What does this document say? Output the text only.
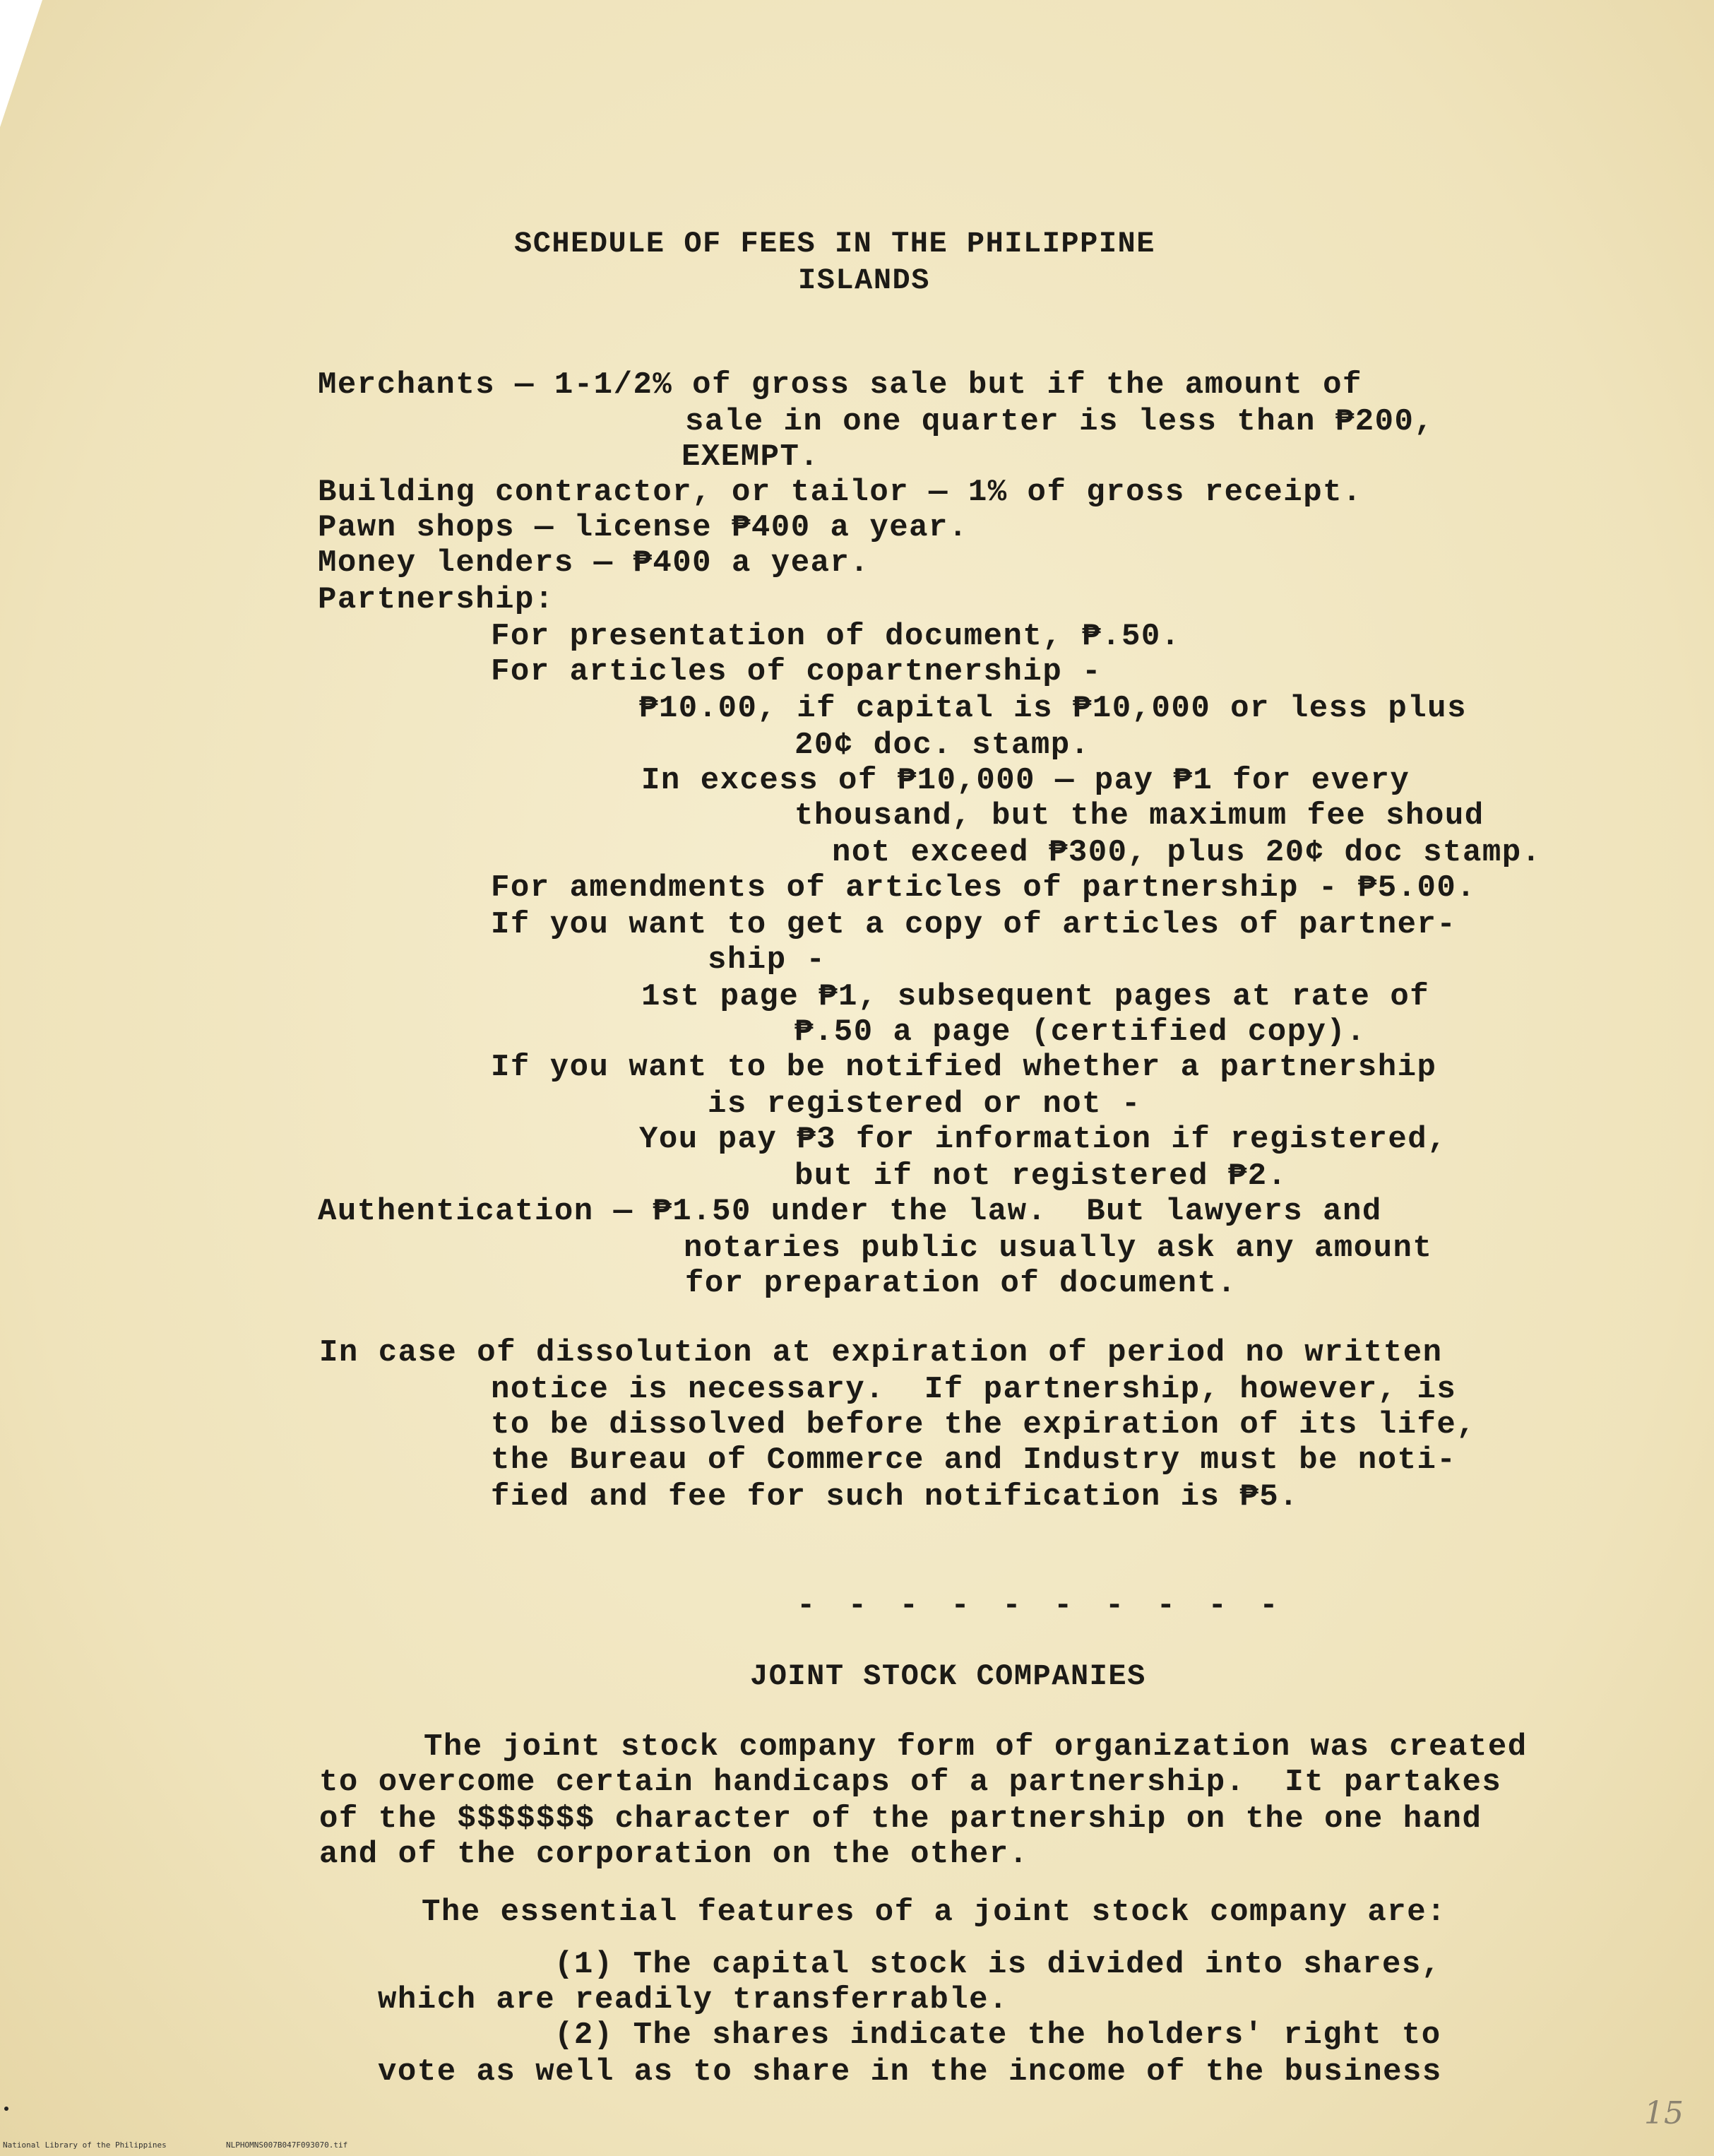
SCHEDULE OF FEES IN THE PHILIPPINE
ISLANDS
Merchants — 1-1/2% of gross sale but if the amount of
sale in one quarter is less than ₱200,
EXEMPT.
Building contractor, or tailor — 1% of gross receipt.
Pawn shops — license ₱400 a year.
Money lenders — ₱400 a year.
Partnership:
For presentation of document, ₱.50.
For articles of copartnership -
₱10.00, if capital is ₱10,000 or less plus
20¢ doc. stamp.
In excess of ₱10,000 — pay ₱1 for every
thousand, but the maximum fee shoud
not exceed ₱300, plus 20¢ doc stamp.
For amendments of articles of partnership - ₱5.00.
If you want to get a copy of articles of partner-
ship -
1st page ₱1, subsequent pages at rate of
₱.50 a page (certified copy).
If you want to be notified whether a partnership
is registered or not -
You pay ₱3 for information if registered,
but if not registered ₱2.
Authentication — ₱1.50 under the law.  But lawyers and
notaries public usually ask any amount
for preparation of document.
In case of dissolution at expiration of period no written
notice is necessary.  If partnership, however, is
to be dissolved before the expiration of its life,
the Bureau of Commerce and Industry must be noti-
fied and fee for such notification is ₱5.
- - - - - - - - - -
JOINT STOCK COMPANIES
The joint stock company form of organization was created
to overcome certain handicaps of a partnership.  It partakes
of the $$$$$$$ character of the partnership on the one hand
and of the corporation on the other.
The essential features of a joint stock company are:
(1) The capital stock is divided into shares,
which are readily transferrable.
(2) The shares indicate the holders' right to
vote as well as to share in the income of the business
15
National Library of the Philippines	NLPHOMNS007B047F093070.tif
